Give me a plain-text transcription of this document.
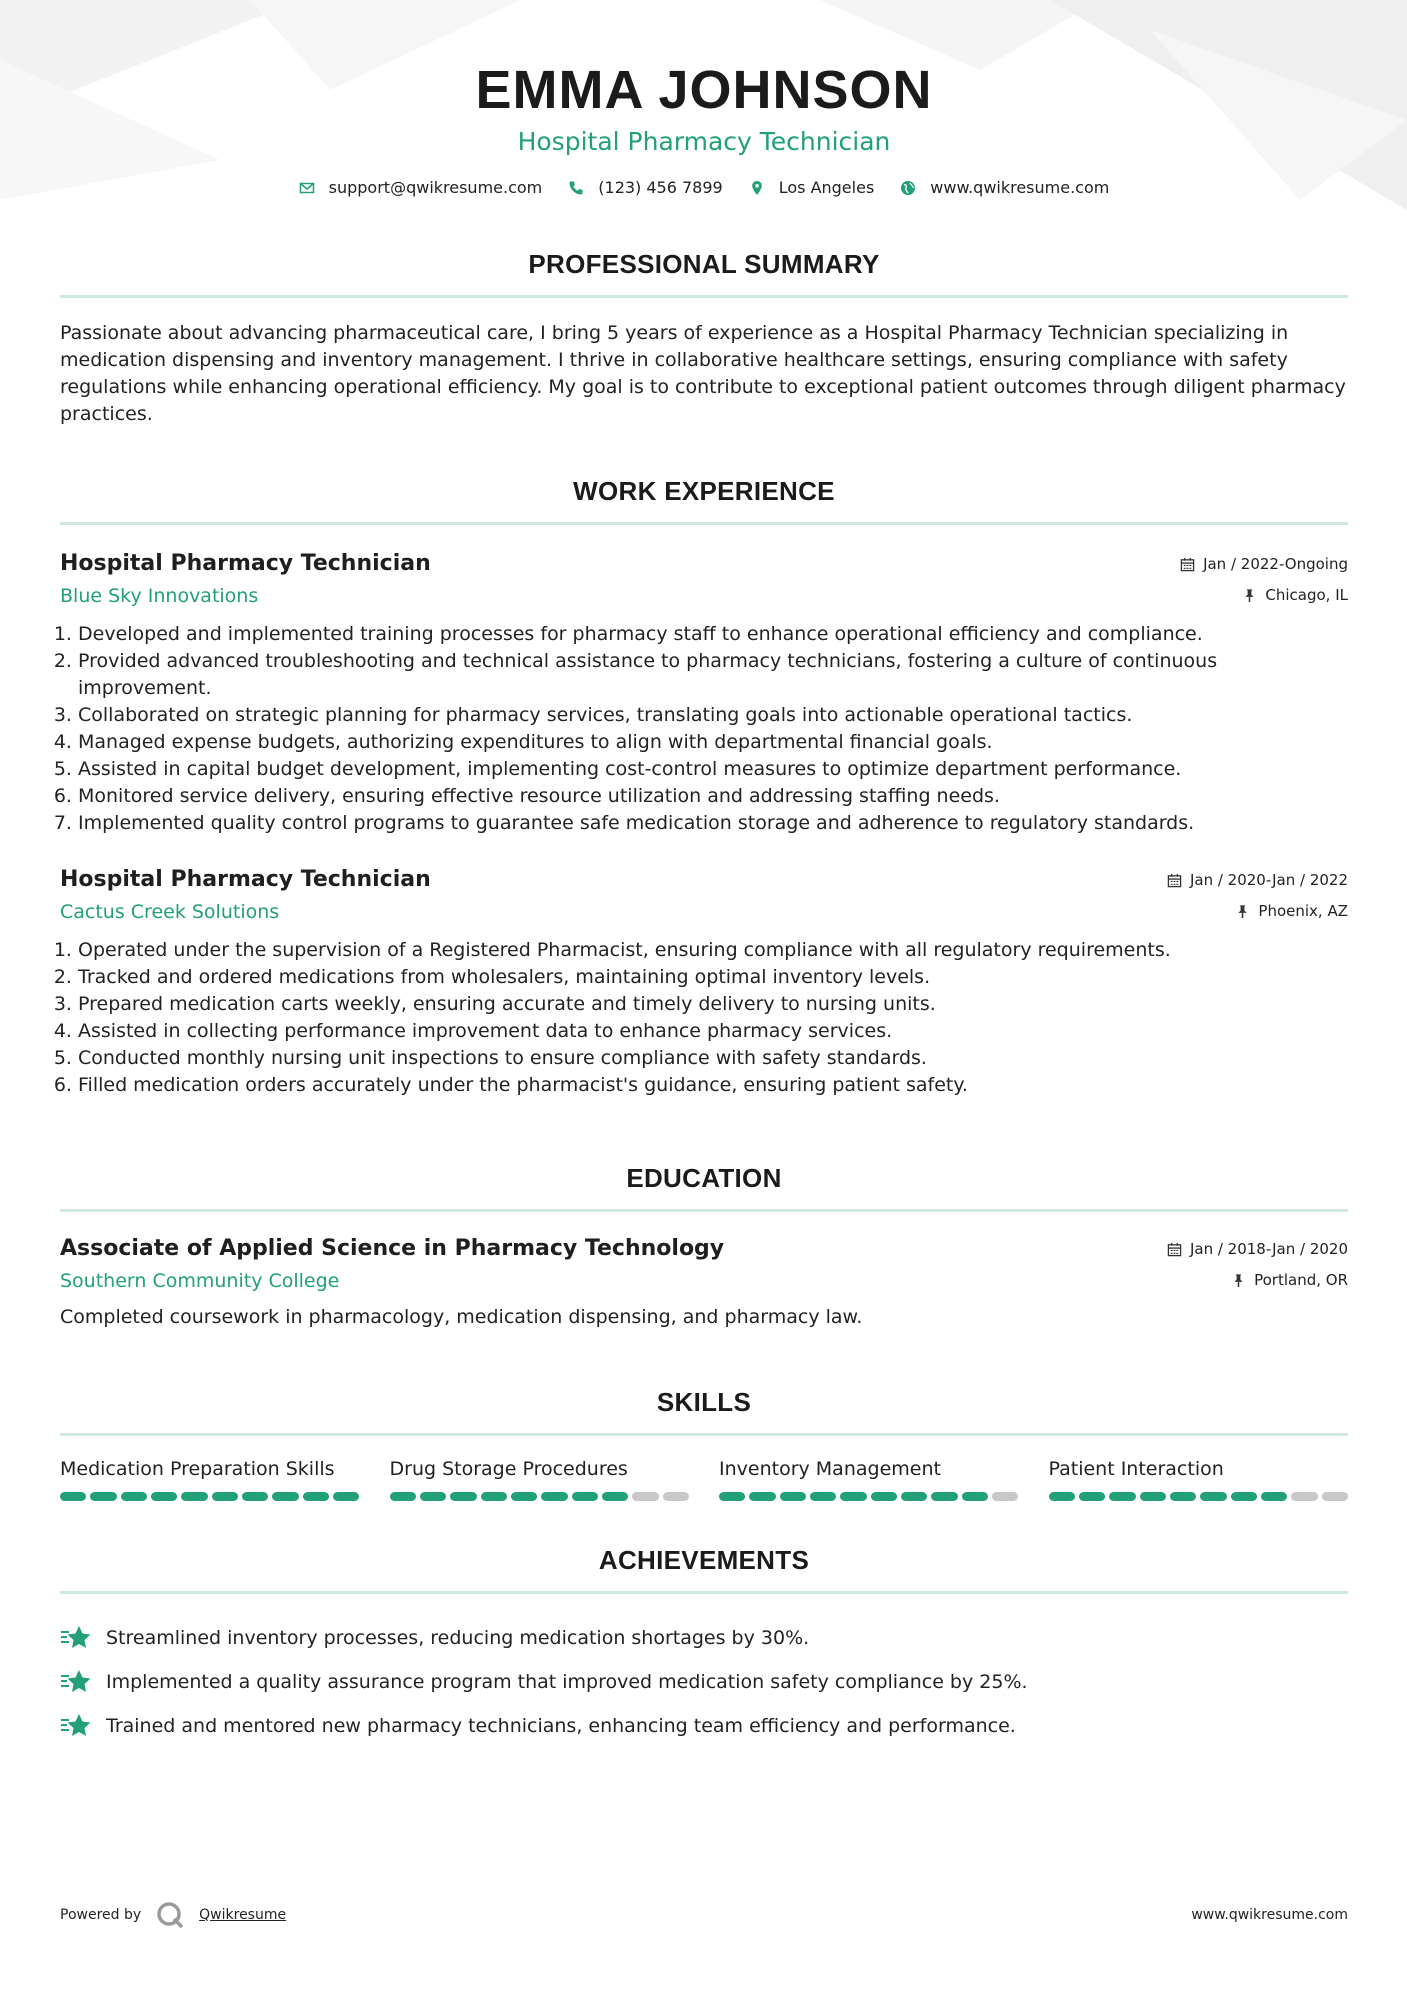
EMMA JOHNSON
Hospital Pharmacy Technician
support@qwikresume.com	(123) 456 7899	Los Angeles	www.qwikresume.com
PROFESSIONAL SUMMARY
Passionate about advancing pharmaceutical care, I bring 5 years of experience as a Hospital Pharmacy Technician specializing in medication dispensing and inventory management. I thrive in collaborative healthcare settings, ensuring compliance with safety regulations while enhancing operational efficiency. My goal is to contribute to exceptional patient outcomes through diligent pharmacy practices.
WORK EXPERIENCE
Hospital Pharmacy Technician	Jan / 2022-Ongoing
Blue Sky Innovations	Chicago, IL
1. Developed and implemented training processes for pharmacy staff to enhance operational efficiency and compliance.
2. Provided advanced troubleshooting and technical assistance to pharmacy technicians, fostering a culture of continuous improvement.
3. Collaborated on strategic planning for pharmacy services, translating goals into actionable operational tactics.
4. Managed expense budgets, authorizing expenditures to align with departmental financial goals.
5. Assisted in capital budget development, implementing cost-control measures to optimize department performance.
6. Monitored service delivery, ensuring effective resource utilization and addressing staffing needs.
7. Implemented quality control programs to guarantee safe medication storage and adherence to regulatory standards.
Hospital Pharmacy Technician	Jan / 2020-Jan / 2022
Cactus Creek Solutions	Phoenix, AZ
1. Operated under the supervision of a Registered Pharmacist, ensuring compliance with all regulatory requirements.
2. Tracked and ordered medications from wholesalers, maintaining optimal inventory levels.
3. Prepared medication carts weekly, ensuring accurate and timely delivery to nursing units.
4. Assisted in collecting performance improvement data to enhance pharmacy services.
5. Conducted monthly nursing unit inspections to ensure compliance with safety standards.
6. Filled medication orders accurately under the pharmacist's guidance, ensuring patient safety.
EDUCATION
Associate of Applied Science in Pharmacy Technology	Jan / 2018-Jan / 2020
Southern Community College	Portland, OR
Completed coursework in pharmacology, medication dispensing, and pharmacy law.
SKILLS
Medication Preparation Skills	Drug Storage Procedures	Inventory Management	Patient Interaction
ACHIEVEMENTS
Streamlined inventory processes, reducing medication shortages by 30%.
Implemented a quality assurance program that improved medication safety compliance by 25%.
Trained and mentored new pharmacy technicians, enhancing team efficiency and performance.
Powered by	Qwikresume	www.qwikresume.com
